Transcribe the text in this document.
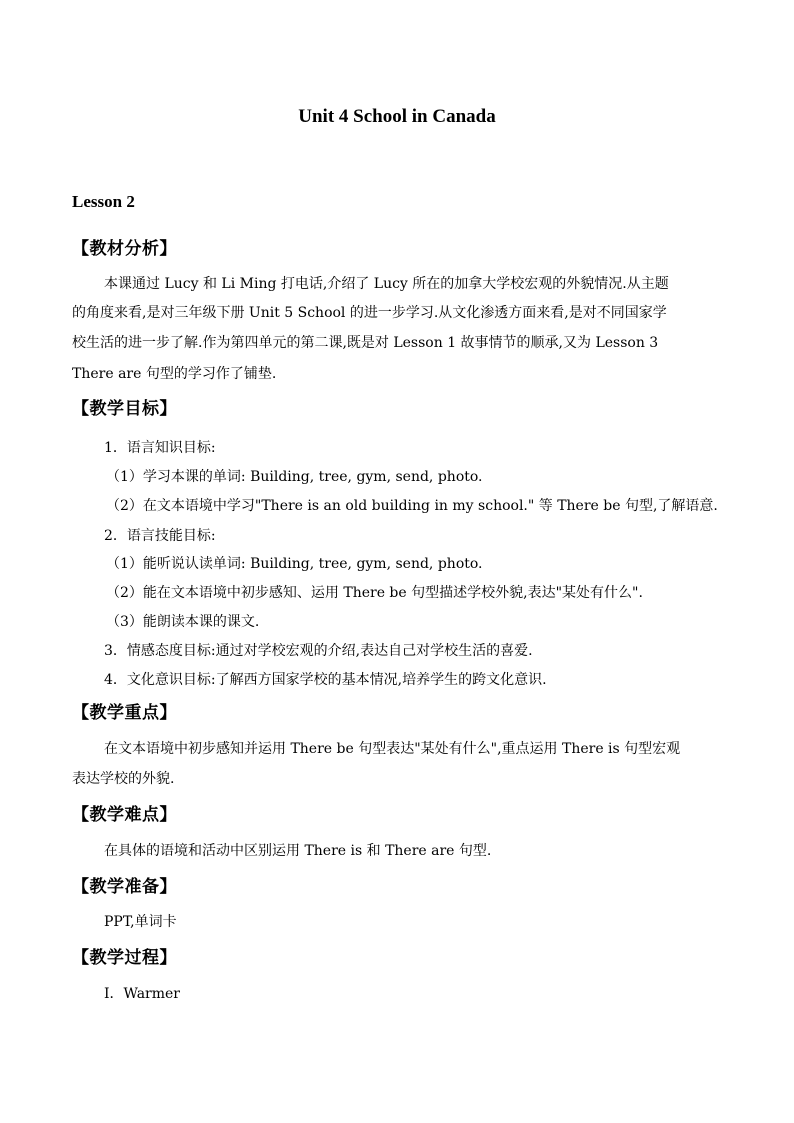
Unit 4 School in Canada
Lesson 2
【教材分析】
本课通过 Lucy 和 Li Ming 打电话,介绍了 Lucy 所在的加拿大学校宏观的外貌情况.从主题
的角度来看,是对三年级下册 Unit 5 School 的进一步学习.从文化渗透方面来看,是对不同国家学
校生活的进一步了解.作为第四单元的第二课,既是对 Lesson 1 故事情节的顺承,又为 Lesson 3
There are 句型的学习作了铺垫.
【教学目标】
1．语言知识目标:
（1）学习本课的单词: Building, tree, gym, send, photo.
（2）在文本语境中学习"There is an old building in my school." 等 There be 句型,了解语意.
2．语言技能目标:
（1）能听说认读单词: Building, tree, gym, send, photo.
（2）能在文本语境中初步感知、运用 There be 句型描述学校外貌,表达"某处有什么".
（3）能朗读本课的课文.
3．情感态度目标:通过对学校宏观的介绍,表达自己对学校生活的喜爱.
4．文化意识目标:了解西方国家学校的基本情况,培养学生的跨文化意识.
【教学重点】
在文本语境中初步感知并运用 There be 句型表达"某处有什么",重点运用 There is 句型宏观
表达学校的外貌.
【教学难点】
在具体的语境和活动中区别运用 There is 和 There are 句型.
【教学准备】
PPT,单词卡
【教学过程】
Ⅰ．Warmer
